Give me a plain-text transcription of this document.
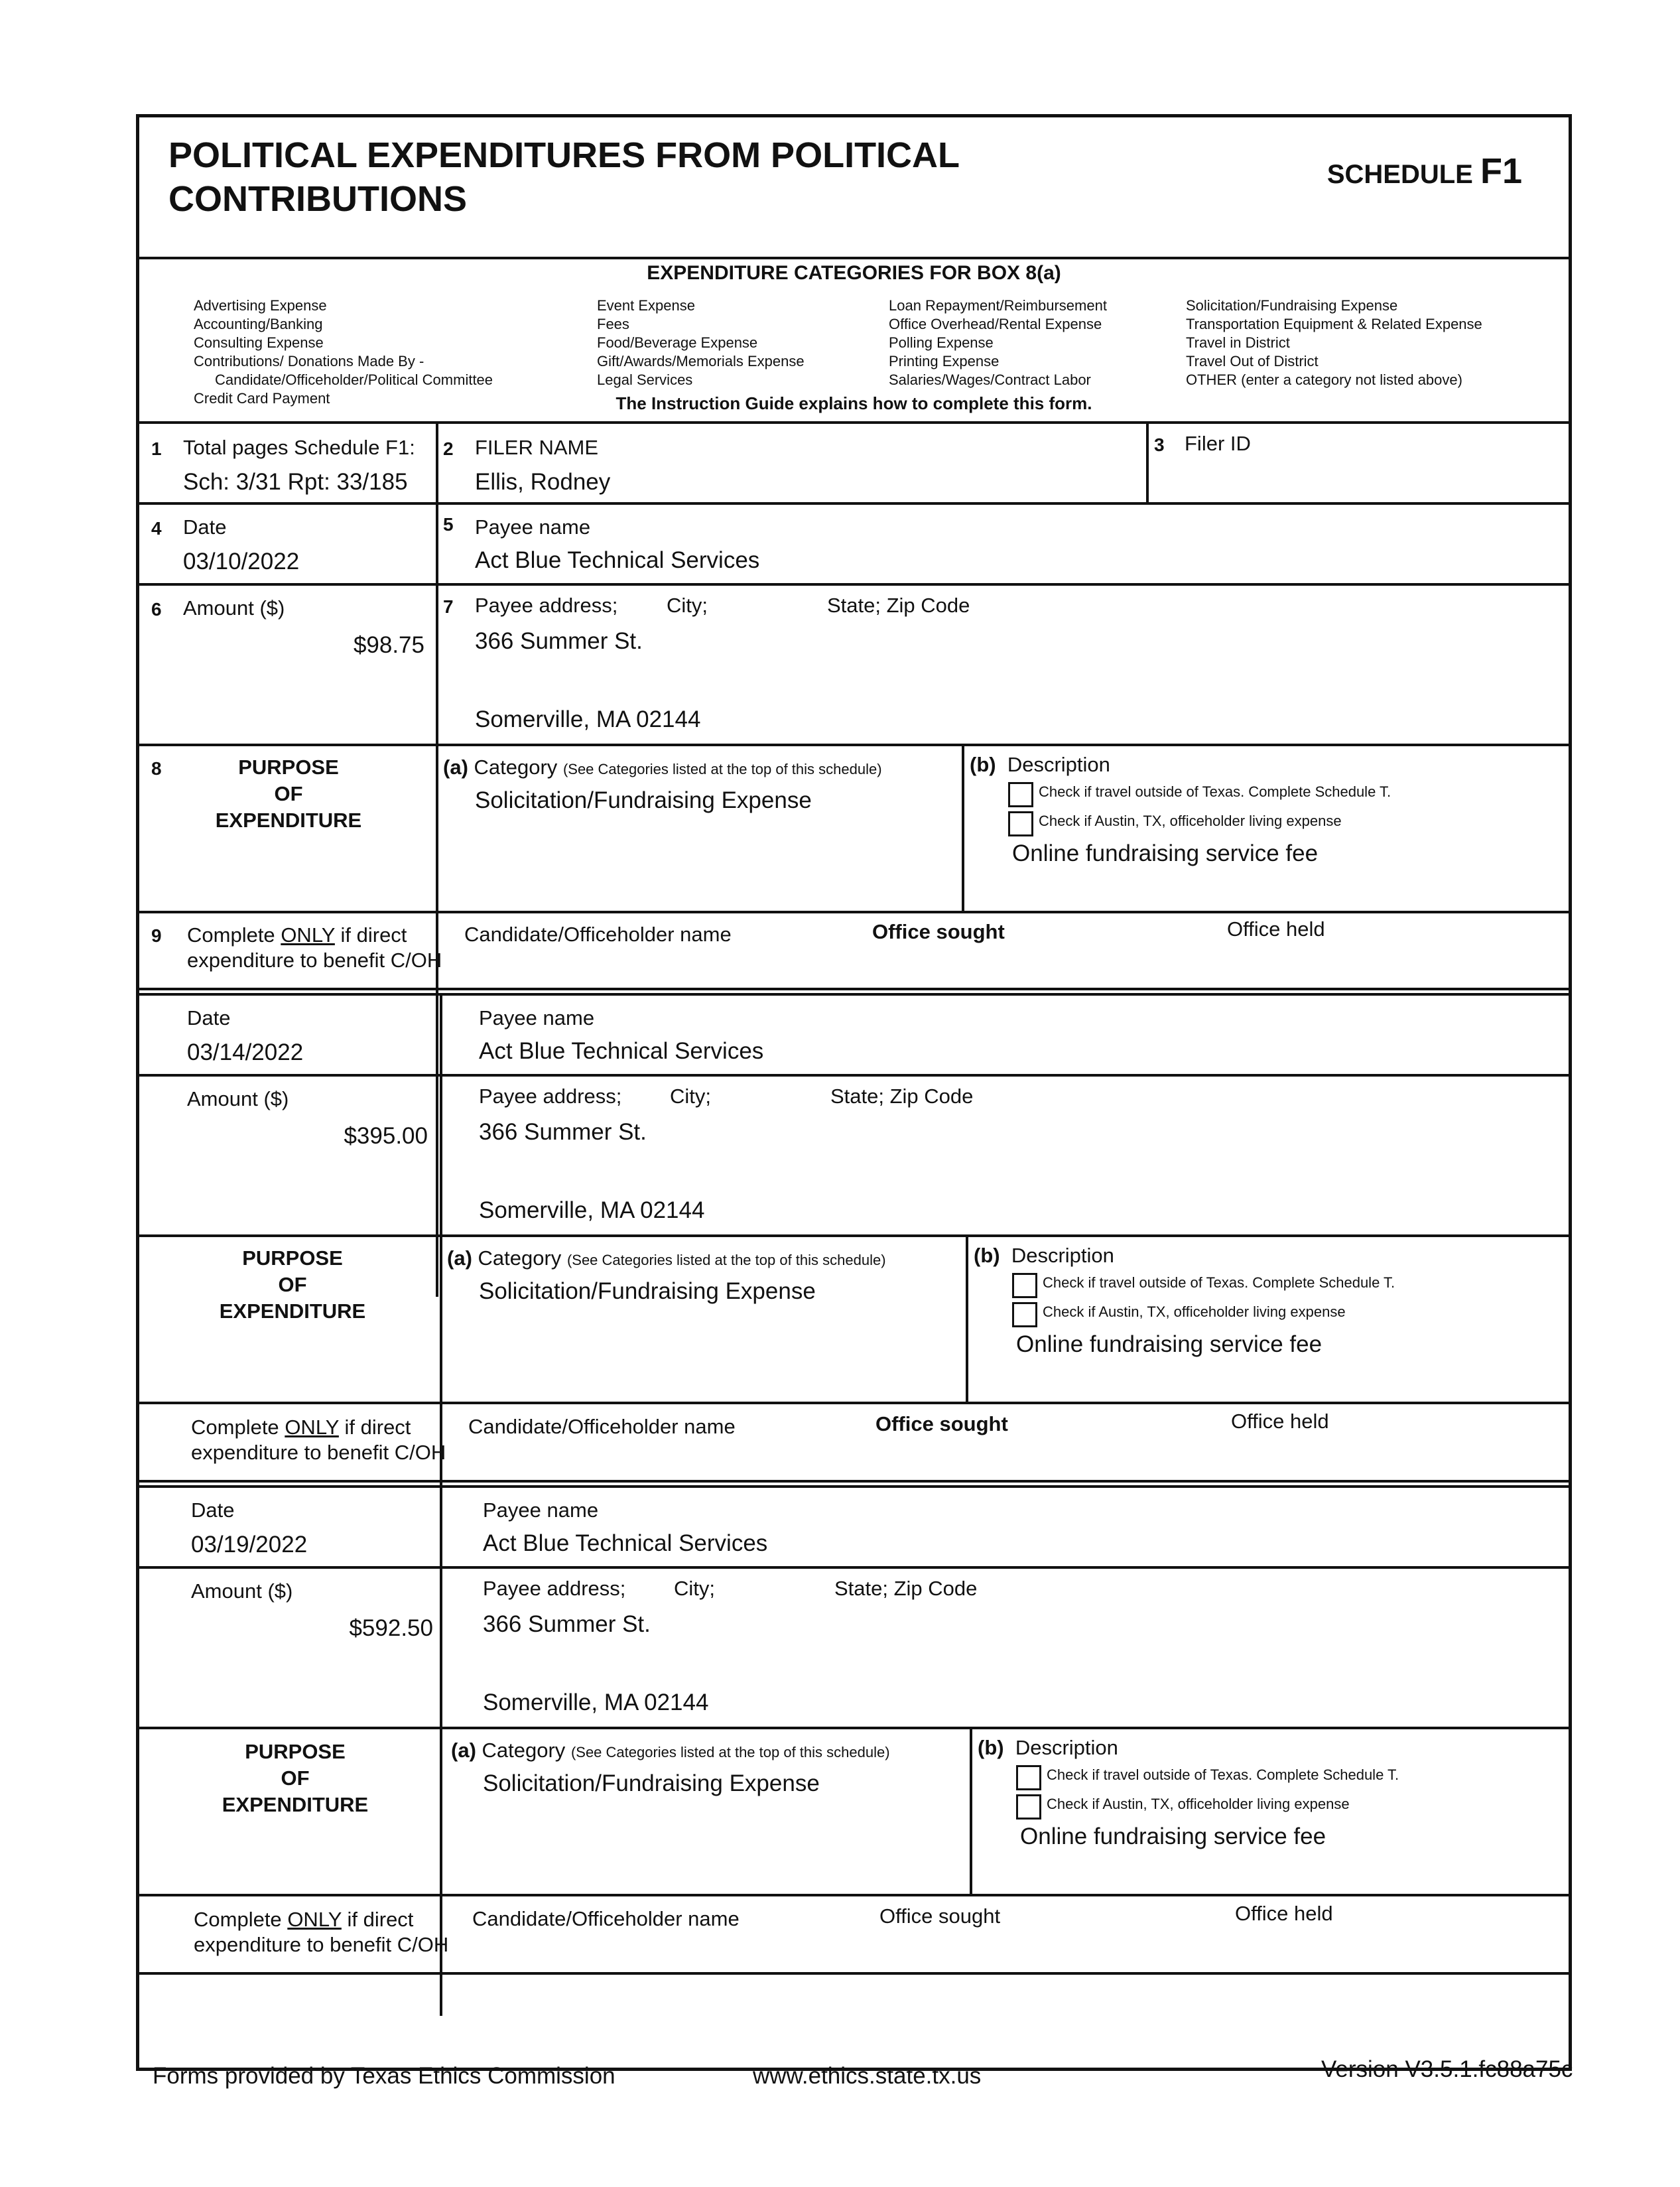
POLITICAL EXPENDITURES FROM POLITICAL CONTRIBUTIONS
SCHEDULE F1
EXPENDITURE CATEGORIES FOR BOX 8(a)
Advertising Expense
Accounting/Banking
Consulting Expense
Contributions/ Donations Made By -
Candidate/Officeholder/Political Committee
Credit Card Payment
Event Expense
Fees
Food/Beverage Expense
Gift/Awards/Memorials Expense
Legal Services
Loan Repayment/Reimbursement
Office Overhead/Rental Expense
Polling Expense
Printing Expense
Salaries/Wages/Contract Labor
Solicitation/Fundraising Expense
Transportation Equipment & Related Expense
Travel in District
Travel Out of District
OTHER (enter a category not listed above)
The Instruction Guide explains how to complete this form.
1 Total pages Schedule F1:
Sch: 3/31 Rpt: 33/185
2 FILER NAME
Ellis, Rodney
3 Filer ID
4 Date
03/10/2022
5 Payee name
Act Blue Technical Services
6 Amount ($)
$98.75
7 Payee address; City;	State; Zip Code
366 Summer St.
Somerville, MA 02144
8	PURPOSE
OF
EXPENDITURE
(a) Category (See Categories listed at the top of this schedule)
Solicitation/Fundraising Expense
(b) Description
Check if travel outside of Texas. Complete Schedule T.
Check if Austin, TX, officeholder living expense
Online fundraising service fee
9 Complete ONLY if direct
expenditure to benefit C/OH
Candidate/Officeholder name	Office sought	Office held
Date
03/14/2022
Payee name
Act Blue Technical Services
Amount ($)
$395.00
Payee address; City;	State; Zip Code
366 Summer St.
Somerville, MA 02144
PURPOSE
OF
EXPENDITURE
(a) Category (See Categories listed at the top of this schedule)
Solicitation/Fundraising Expense
(b) Description
Check if travel outside of Texas. Complete Schedule T.
Check if Austin, TX, officeholder living expense
Online fundraising service fee
Complete ONLY if direct
expenditure to benefit C/OH
Candidate/Officeholder name	Office sought	Office held
Date
03/19/2022
Payee name
Act Blue Technical Services
Amount ($)
$592.50
Payee address; City;	State; Zip Code
366 Summer St.
Somerville, MA 02144
PURPOSE
OF
EXPENDITURE
(a) Category (See Categories listed at the top of this schedule)
Solicitation/Fundraising Expense
(b) Description
Check if travel outside of Texas. Complete Schedule T.
Check if Austin, TX, officeholder living expense
Online fundraising service fee
Complete ONLY if direct
expenditure to benefit C/OH
Candidate/Officeholder name	Office sought	Office held
Forms provided by Texas Ethics Commission	www.ethics.state.tx.us	Version V3.5.1.fc88a75c
